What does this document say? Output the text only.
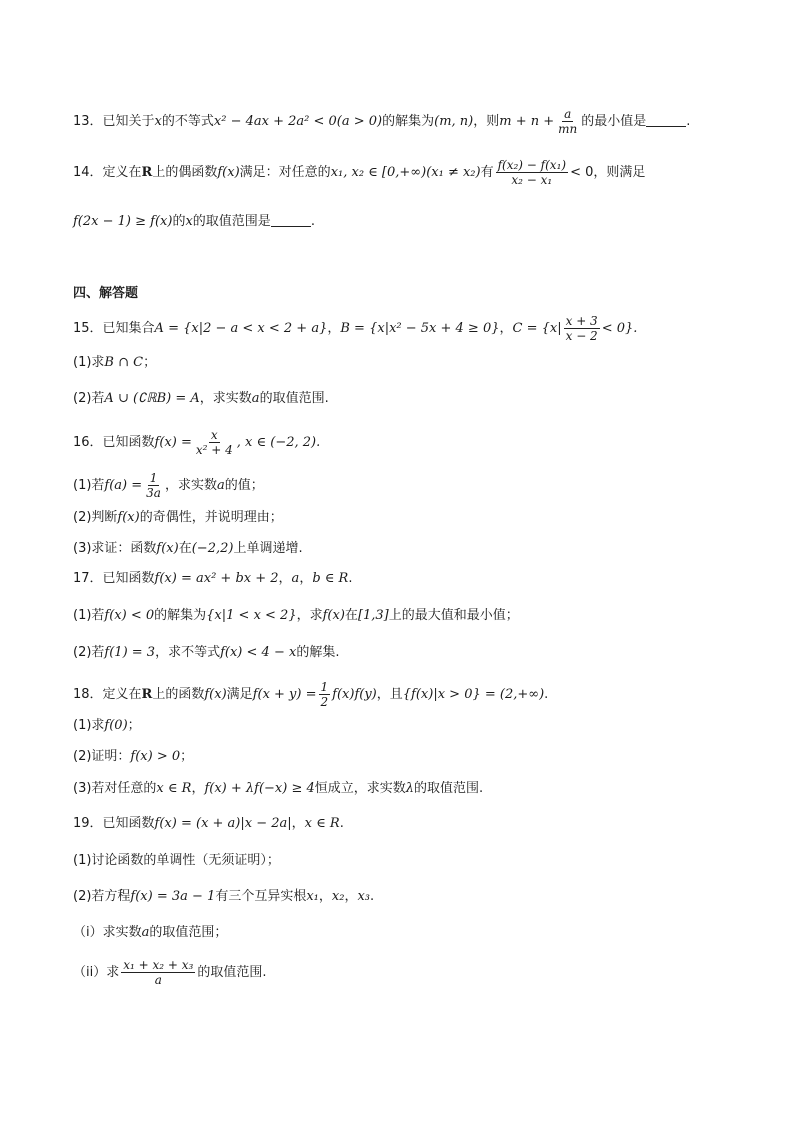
13．已知关于x的不等式x² − 4ax + 2a² < 0(a > 0)的解集为(m, n)，则$m + n + \frac{a}{mn}$ 的最小值是	.
14．定义在R上的偶函数f(x)满足：对任意的x₁, x₂ ∈ [0,+∞)(x₁ ≠ x₂)有 $\frac{\text{f(x₂) − f(x₁)}}{\text{x₂ − x₁}} < 0$，则满足
f(2x − 1) ≥ f(x)的x的取值范围是	.
四、解答题
15．已知集合A = {x|2 − a < x < 2 + a}，B = {x|x² − 5x + 4 ≥ 0}，$C = \{x| \frac{x + 3}{x - 2} < 0\}$.
(1)求B ∩ C；
(2)若A ∪ (∁ℝB) = A，求实数a的取值范围.
16．已知函数$f(x) = \frac{x}{\text{x² + 4}}$ , x ∈ (−2, 2).
(1)若$f(a) = \frac{1}{3a}$ ，求实数a的值；
(2)判断f(x)的奇偶性，并说明理由；
(3)求证：函数f(x)在(−2,2)上单调递增.
17．已知函数f(x) = ax² + bx + 2，a，b ∈ R.
(1)若f(x) < 0的解集为{x|1 < x < 2}，求f(x)在[1,3]上的最大值和最小值；
(2)若f(1) = 3，求不等式f(x) < 4 − x的解集.
18．定义在R上的函数f(x)满足$f(x + y) = \frac{1}{2} f(x)f(y)$，且{f(x)|x > 0} = (2,+∞).
(1)求f(0)；
(2)证明：f(x) > 0；
(3)若对任意的x ∈ R，f(x) + λf(−x) ≥ 4恒成立，求实数λ的取值范围.
19．已知函数f(x) = (x + a)|x − 2a|，x ∈ R.
(1)讨论函数的单调性（无须证明）；
(2)若方程f(x) = 3a − 1有三个互异实根x₁，x₂，x₃.
（i）求实数a的取值范围；
（ii）求 $\frac{\text{x₁ + x₂ + x₃}}{a}$ 的取值范围.
